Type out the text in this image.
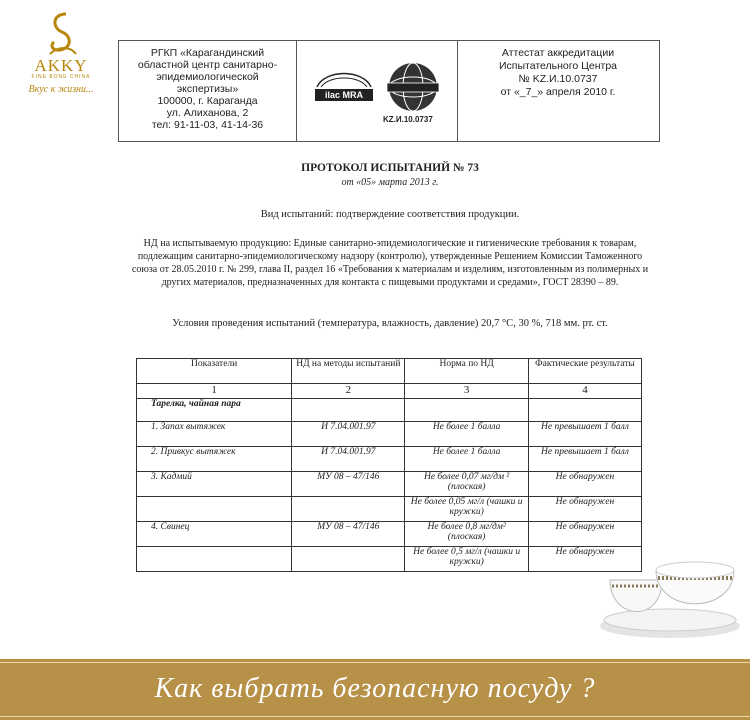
AKKY
FINE BONE CHINA
Вкус к жизни...
РГКП «Карагандинский
областной центр санитарно-
эпидемиологической
экспертизы»
100000, г. Караганда
ул. Алиханова, 2
тел: 91-11-03, 41-14-36
ilac MRA
KZ.И.10.0737
Аттестат аккредитации
Испытательного Центра
№ KZ.И.10.0737
от «_7_» апреля 2010 г.
ПРОТОКОЛ ИСПЫТАНИЙ № 73
от «05» марта 2013 г.
Вид испытаний: подтверждение соответствия продукции.
НД на испытываемую продукцию: Единые санитарно-эпидемиологические и гигиенические требования к товарам, подлежащим санитарно-эпидемиологическому надзору (контролю), утвержденные Решением Комиссии Таможенного союза от 28.05.2010 г. № 299, глава II, раздел 16 «Требования к материалам и изделиям, изготовленным из полимерных и других материалов, предназначенных для контакта с пищевыми продуктами и средами», ГОСТ 28390 – 89.
Условия проведения испытаний (температура, влажность, давление) 20,7 °С, 30 %, 718 мм. рт. ст.
Показатели	НД на методы испытаний	Норма по НД	Фактические результаты
1	2	3	4
Тарелка, чайная пара			
1. Запах вытяжек	И 7.04.001.97	Не более 1 балла	Не превышает 1 балл
2. Привкус вытяжек	И 7.04.001.97	Не более 1 балла	Не превышает 1 балл
3. Кадмий	МУ 08 – 47/146	Не более 0,07 мг/дм ² (плоская)	Не обнаружен
		Не более 0,05 мг/л (чашки и кружки)	Не обнаружен
4. Свинец	МУ 08 – 47/146	Не более 0,8 мг/дм² (плоская)	Не обнаружен
		Не более 0,5 мг/л (чашки и кружки)	Не обнаружен
Как выбрать безопасную посуду ?
